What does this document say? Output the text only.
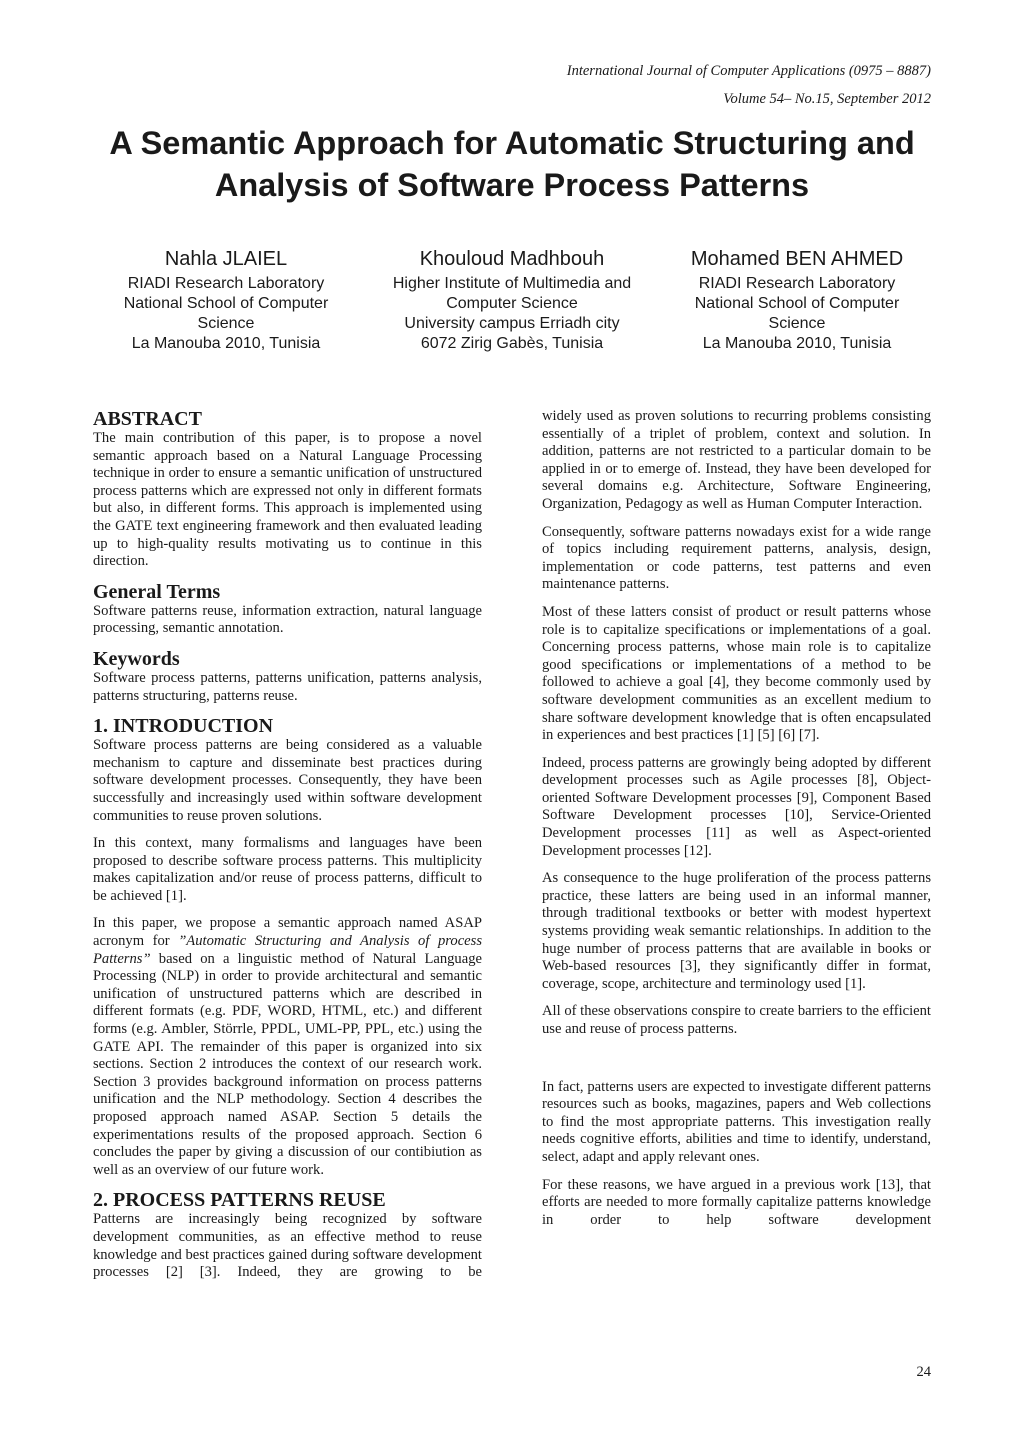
International Journal of Computer Applications (0975 – 8887)
Volume 54– No.15, September 2012
A Semantic Approach for Automatic Structuring and
Analysis of Software Process Patterns
Nahla JLAIEL
RIADI Research Laboratory
National School of Computer
Science
La Manouba 2010, Tunisia
Khouloud Madhbouh
Higher Institute of Multimedia and
Computer Science
University campus Erriadh city
6072 Zirig Gabès, Tunisia
Mohamed BEN AHMED
RIADI Research Laboratory
National School of Computer
Science
La Manouba 2010, Tunisia
ABSTRACT

The main contribution of this paper, is to propose a novel semantic approach based on a Natural Language Processing technique in order to ensure a semantic unification of unstructured process patterns which are expressed not only in different formats but also, in different forms. This approach is implemented using the GATE text engineering framework and then evaluated leading up to high-quality results motivating us to continue in this direction.

General Terms

Software patterns reuse, information extraction, natural language processing, semantic annotation.

Keywords

Software process patterns, patterns unification, patterns analysis, patterns structuring, patterns reuse.

1. INTRODUCTION

Software process patterns are being considered as a valuable mechanism to capture and disseminate best practices during software development processes. Consequently, they have been successfully and increasingly used within software development communities to reuse proven solutions.

In this context, many formalisms and languages have been proposed to describe software process patterns. This multiplicity makes capitalization and/or reuse of process patterns, difficult to be achieved [1].

In this paper, we propose a semantic approach named ASAP acronym for ”Automatic Structuring and Analysis of process Patterns” based on a linguistic method of Natural Language Processing (NLP) in order to provide architectural and semantic unification of unstructured patterns which are described in different formats (e.g. PDF, WORD, HTML, etc.) and different forms (e.g. Ambler, Störrle, PPDL, UML-PP, PPL, etc.) using the GATE API. The remainder of this paper is organized into six sections. Section 2 introduces the context of our research work. Section 3 provides background information on process patterns unification and the NLP methodology. Section 4 describes the proposed approach named ASAP. Section 5 details the experimentations results of the proposed approach. Section 6 concludes the paper by giving a discussion of our contibiution as well as an overview of our future work.

2. PROCESS PATTERNS REUSE

Patterns are increasingly being recognized by software development communities, as an effective method to reuse knowledge and best practices gained during software development processes [2] [3]. Indeed, they are growing to be

widely used as proven solutions to recurring problems consisting essentially of a triplet of problem, context and solution. In addition, patterns are not restricted to a particular domain to be applied in or to emerge of. Instead, they have been developed for several domains e.g. Architecture, Software Engineering, Organization, Pedagogy as well as Human Computer Interaction.

Consequently, software patterns nowadays exist for a wide range of topics including requirement patterns, analysis, design, implementation or code patterns, test patterns and even maintenance patterns.

Most of these latters consist of product or result patterns whose role is to capitalize specifications or implementations of a goal. Concerning process patterns, whose main role is to capitalize good specifications or implementations of a method to be followed to achieve a goal [4], they become commonly used by software development communities as an excellent medium to share software development knowledge that is often encapsulated in experiences and best practices [1] [5] [6] [7].

Indeed, process patterns are growingly being adopted by different development processes such as Agile processes [8], Object-oriented Software Development processes [9], Component Based Software Development processes [10], Service-Oriented Development processes [11] as well as Aspect-oriented Development processes [12].

As consequence to the huge proliferation of the process patterns practice, these latters are being used in an informal manner, through traditional textbooks or better with modest hypertext systems providing weak semantic relationships. In addition to the huge number of process patterns that are available in books or Web-based resources [3], they significantly differ in format, coverage, scope, architecture and terminology used [1].

All of these observations conspire to create barriers to the efficient use and reuse of process patterns.

In fact, patterns users are expected to investigate different patterns resources such as books, magazines, papers and Web collections to find the most appropriate patterns. This investigation really needs cognitive efforts, abilities and time to identify, understand, select, adapt and apply relevant ones.

For these reasons, we have argued in a previous work [13], that efforts are needed to more formally capitalize patterns knowledge in order to help software development

24
